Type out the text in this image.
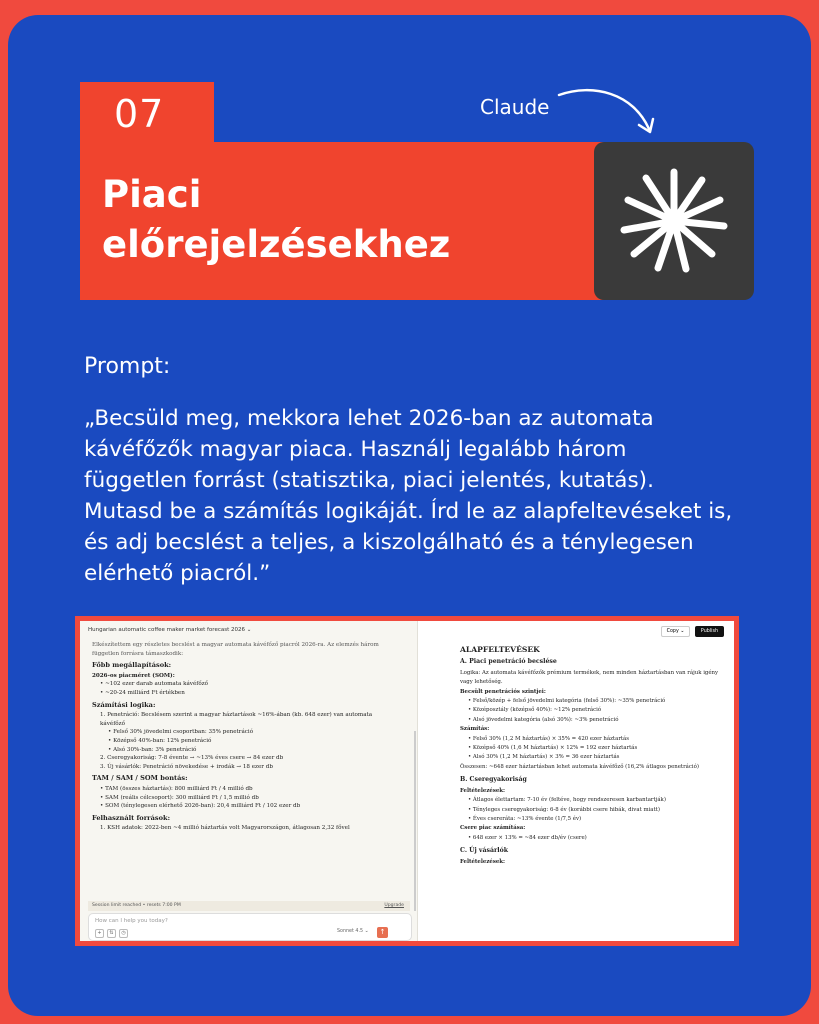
07
Piaci
előrejelzésekhez
Claude
Prompt:
„Becsüld meg, mekkora lehet 2026-ban az automata kávéfőzők magyar piaca. Használj legalább három független forrást (statisztika, piaci jelentés, kutatás). Mutasd be a számítás logikáját. Írd le az alapfeltevéseket is, és adj becslést a teljes, a kiszolgálható és a ténylegesen elérhető piacról.”
Hungarian automatic coffee maker market forecast 2026 ⌄
Elkészítettem egy részletes becslést a magyar automata kávéfőző piacról 2026-ra. Az elemzés három független forrásra támaszkodik:
Főbb megállapítások:
2026-os piacméret (SOM):
• ~102 ezer darab automata kávéfőző
• ~20-24 milliárd Ft értékben
Számítási logika:
1. Penetráció: Becslésem szerint a magyar háztartások ~16%-ában (kb. 648 ezer) van automata kávéfőző
• Felső 30% jövedelmi csoportban: 35% penetráció
• Középső 40%-ban: 12% penetráció
• Alsó 30%-ban: 3% penetráció
2. Cseregyakoriság: 7-8 évente → ~13% éves csere → 84 ezer db
3. Új vásárlók: Penetráció növekedése + irodák → 18 ezer db
TAM / SAM / SOM bontás:
• TAM (összes háztartás): 800 milliárd Ft / 4 millió db
• SAM (reális célcsoport): 300 milliárd Ft / 1,5 millió db
• SOM (ténylegesen elérhető 2026-ban): 20,4 milliárd Ft / 102 ezer db
Felhasznált források:
1. KSH adatok: 2022-ben ~4 millió háztartás volt Magyarországon, átlagosan 2,32 fővel
Session limit reached • resets 7:00 PM	Upgrade
How can I help you today?
+	⇅	◷	Sonnet 4.5 ⌄	↑
Copy ⌄	Publish
ALAPFELTEVÉSEK
A. Piaci penetráció becslése
Logika: Az automata kávéfőzők prémium termékek, nem minden háztartásban van rájuk igény vagy lehetőség.
Becsült penetrációs szintjei:
• Felső/közép + felső jövedelmi kategória (felső 30%): ~35% penetráció
• Középosztály (középső 40%): ~12% penetráció
• Alsó jövedelmi kategória (alsó 30%): ~3% penetráció
Számítás:
• Felső 30% (1,2 M háztartás) × 35% = 420 ezer háztartás
• Középső 40% (1,6 M háztartás) × 12% = 192 ezer háztartás
• Alsó 30% (1,2 M háztartás) × 3% = 36 ezer háztartás
Összesen: ~648 ezer háztartásban lehet automata kávéfőző (16,2% átlagos penetráció)
B. Cseregyakoriság
Feltételezések:
• Átlagos élettartam: 7-10 év (feltéve, hogy rendszeresen karbantartják)
• Tényleges cseregyakoriság: 6-8 év (korábbi csere hibák, divat miatt)
• Éves csereráta: ~13% évente (1/7,5 év)
Csere piac számítása:
• 648 ezer × 13% = ~84 ezer db/év (csere)
C. Új vásárlók
Feltételezések:
